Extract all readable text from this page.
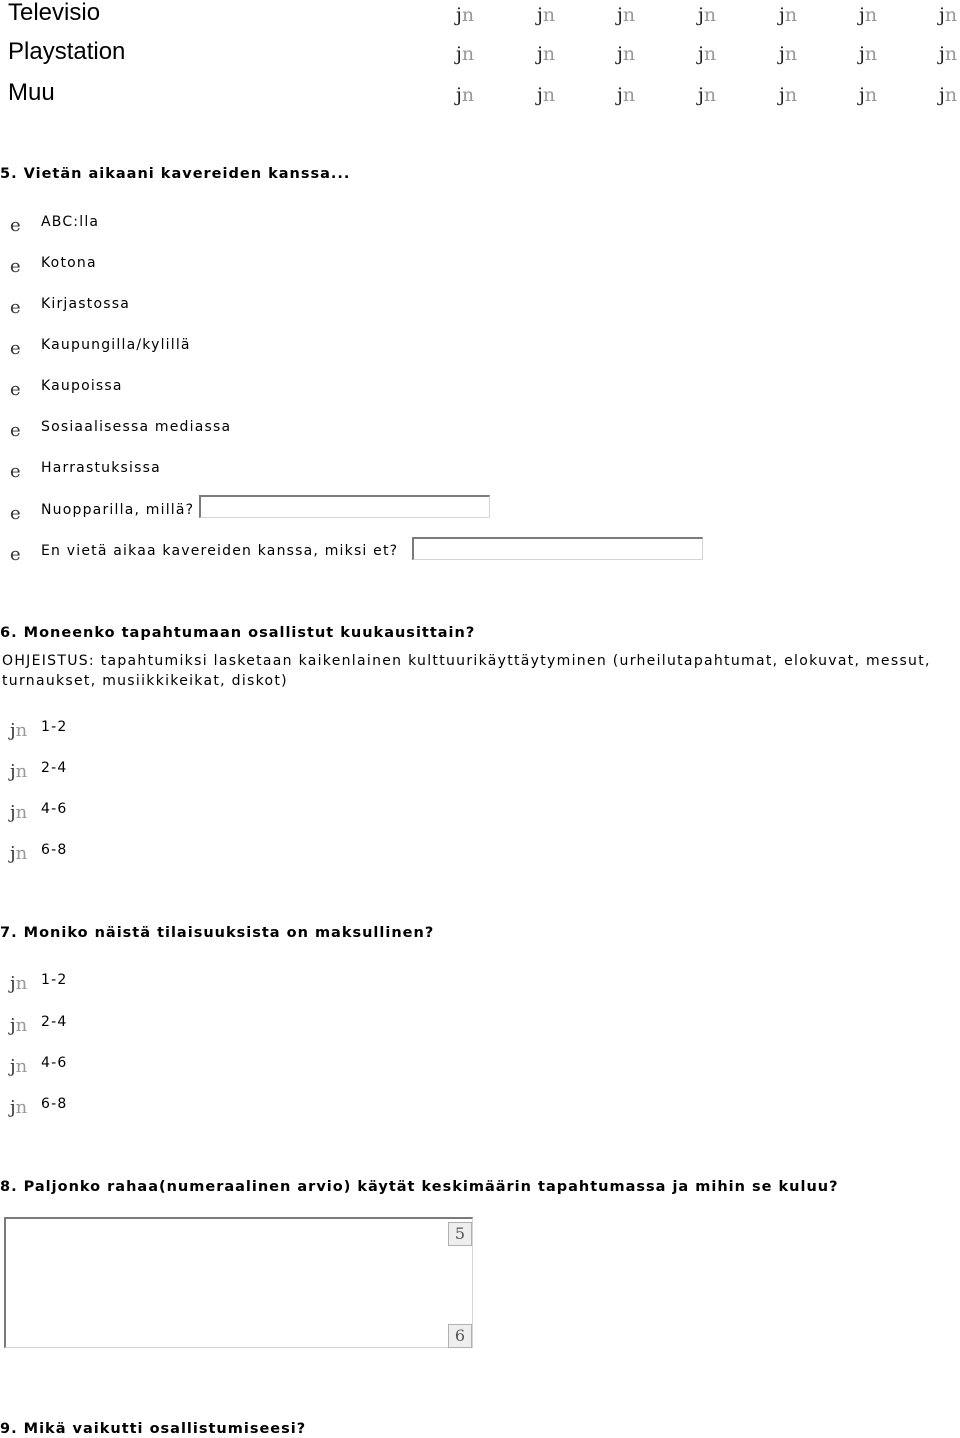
Televisio	jn	jn	jn	jn	jn	jn	jn
Playstation	jn	jn	jn	jn	jn	jn	jn
Muu	jn	jn	jn	jn	jn	jn	jn
5. Vietän aikaani kavereiden kanssa...
e ABC:lla
e Kotona
e Kirjastossa
e Kaupungilla/kylillä
e Kaupoissa
e Sosiaalisessa mediassa
e Harrastuksissa
e Nuopparilla, millä?
e En vietä aikaa kavereiden kanssa, miksi et?
6. Moneenko tapahtumaan osallistut kuukausittain?
OHJEISTUS: tapahtumiksi lasketaan kaikenlainen kulttuurikäyttäytyminen (urheilutapahtumat, elokuvat, messut, turnaukset, musiikkikeikat, diskot)
jn 1-2
jn 2-4
jn 4-6
jn 6-8
7. Moniko näistä tilaisuuksista on maksullinen?
jn 1-2
jn 2-4
jn 4-6
jn 6-8
8. Paljonko rahaa(numeraalinen arvio) käytät keskimäärin tapahtumassa ja mihin se kuluu?
5
6
9. Mikä vaikutti osallistumiseesi?
